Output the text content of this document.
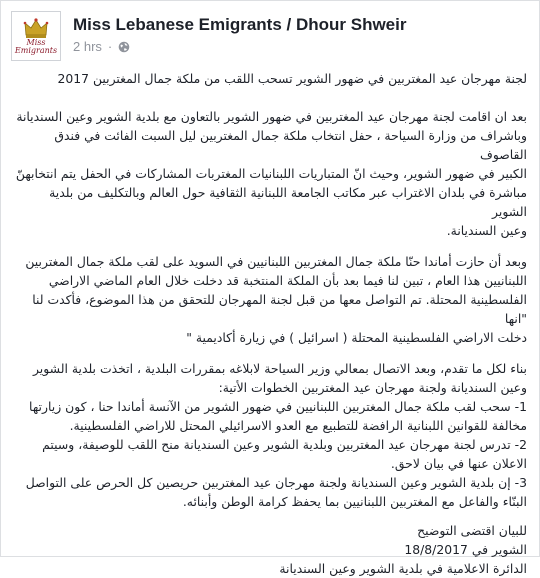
Miss Emigrants
Miss Lebanese Emigrants / Dhour Shweir
2 hrs ·

لجنة مهرجان عيد المغتربين في ضهور الشوير تسحب اللقب من ملكة جمال المغتربين 2017

بعد ان اقامت لجنة مهرجان عيد المغتربين في ضهور الشوير بالتعاون مع بلدية الشوير وعين السنديانة

وباشراف من وزارة السياحة ، حفل انتخاب ملكة جمال المغتربين ليل السبت الفائت في فندق القاصوف

الكبير في ضهور الشوير، وحيث انّ المتباريات اللبنانيات المغتربات المشاركات في الحفل يتم انتخابهنّ

مباشرة في بلدان الاغتراب عبر مكاتب الجامعة اللبنانية الثقافية حول العالم وبالتكليف من بلدية الشوير

وعين السنديانة.

وبعد أن حازت أماندا حنّا ملكة جمال المغتربين اللبنانيين في السويد على لقب ملكة جمال المغتربين

اللبنانيين هذا العام ، تبين لنا فيما بعد بأن الملكة المنتخبة قد دخلت خلال العام الماضي الاراضي

الفلسطينية المحتلة. تم التواصل معها من قبل لجنة المهرجان للتحقق من هذا الموضوع، فأكدت لنا "انها

دخلت الاراضي الفلسطينية المحتلة ( اسرائيل ) في زيارة أكاديمية "

بناء لكل ما تقدم، وبعد الاتصال بمعالي وزير السياحة لابلاغه بمقررات البلدية ، اتخذت بلدية الشوير

وعين السنديانة ولجنة مهرجان عيد المغتربين الخطوات الأتية:

1- سحب لقب ملكة جمال المغتربين اللبنانيين في ضهور الشوير من الآنسة أماندا حنا ، كون زيارتها

مخالفة للقوانين اللبنانية الرافضة للتطبيع مع العدو الاسرائيلي المحتل للاراضي الفلسطينية.

2- تدرس لجنة مهرجان عيد المغتربين وبلدية الشوير وعين السنديانة منح اللقب للوصيفة، وسيتم

الاعلان عنها في بيان لاحق.

3- إن بلدية الشوير وعين السنديانة ولجنة مهرجان عيد المغتربين حريصين كل الحرص على التواصل

البنّاء والفاعل مع المغتربين اللبنانيين بما يحفظ كرامة الوطن وأبنائه.

للبيان اقتضى التوضيح

الشوير في 18/8/2017

الدائرة الاعلامية في بلدية الشوير وعين السنديانة
